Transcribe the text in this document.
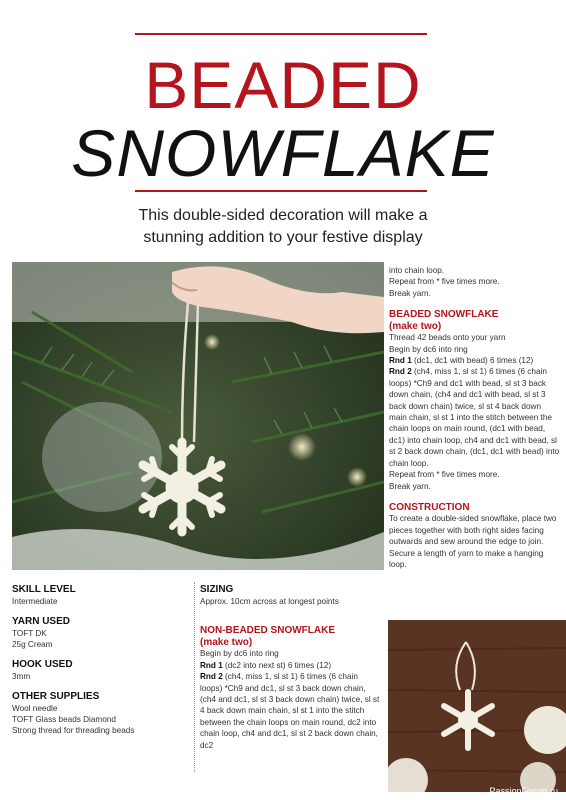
BEADED
SNOWFLAKE
This double-sided decoration will make a
stunning addition to your festive display

into chain loop.

Repeat from * five times more.

Break yarn.

BEADED SNOWFLAKE

(make two)

Thread 42 beads onto your yarn

Begin by dc6 into ring

Rnd 1 (dc1, dc1 with bead) 6 times (12)

Rnd 2 (ch4, miss 1, sl st 1) 6 times (6 chain loops) *Ch9 and dc1 with bead, sl st 3 back down chain, (ch4 and dc1 with bead, sl st 3 back down chain) twice, sl st 4 back down main chain, sl st 1 into the stitch between the chain loops on main round, (dc1 with bead, dc1) into chain loop, ch4 and dc1 with bead, sl st 2 back down chain, (dc1, dc1 with bead) into chain loop.

Repeat from * five times more.

Break yarn.

CONSTRUCTION

To create a double-sided snowflake, place two pieces together with both right sides facing outwards and sew around the edge to join.

Secure a length of yarn to make a hanging loop.

SKILL LEVEL

Intermediate

YARN USED

TOFT DK

25g Cream

HOOK USED

3mm

OTHER SUPPLIES

Wool needle

TOFT Glass beads Diamond

Strong thread for threading beads

SIZING

Approx. 10cm across at longest points

NON-BEADED SNOWFLAKE

(make two)

Begin by dc6 into ring

Rnd 1 (dc2 into next st) 6 times (12)

Rnd 2 (ch4, miss 1, sl st 1) 6 times (6 chain loops) *Ch9 and dc1, sl st 3 back down chain, (ch4 and dc1, sl st 3 back down chain) twice, sl st 4 back down main chain, sl st 1 into the stitch between the chain loops on main round, dc2 into chain loop, ch4 and dc1, sl st 2 back down chain, dc2

PassionForum.ru
